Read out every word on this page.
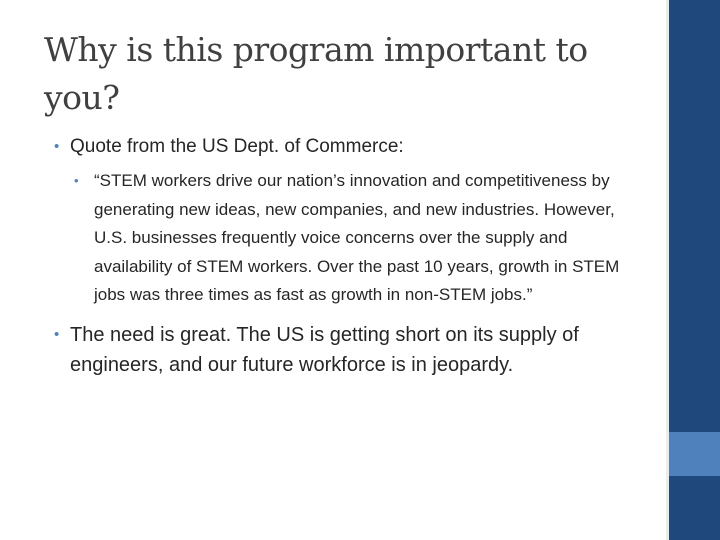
Why is this program important to you?
• Quote from the US Dept. of Commerce:
• “STEM workers drive our nation’s innovation and competitiveness by generating new ideas, new companies, and new industries. However, U.S. businesses frequently voice concerns over the supply and availability of STEM workers. Over the past 10 years, growth in STEM jobs was three times as fast as growth in non-STEM jobs.”
• The need is great. The US is getting short on its supply of engineers, and our future workforce is in jeopardy.
